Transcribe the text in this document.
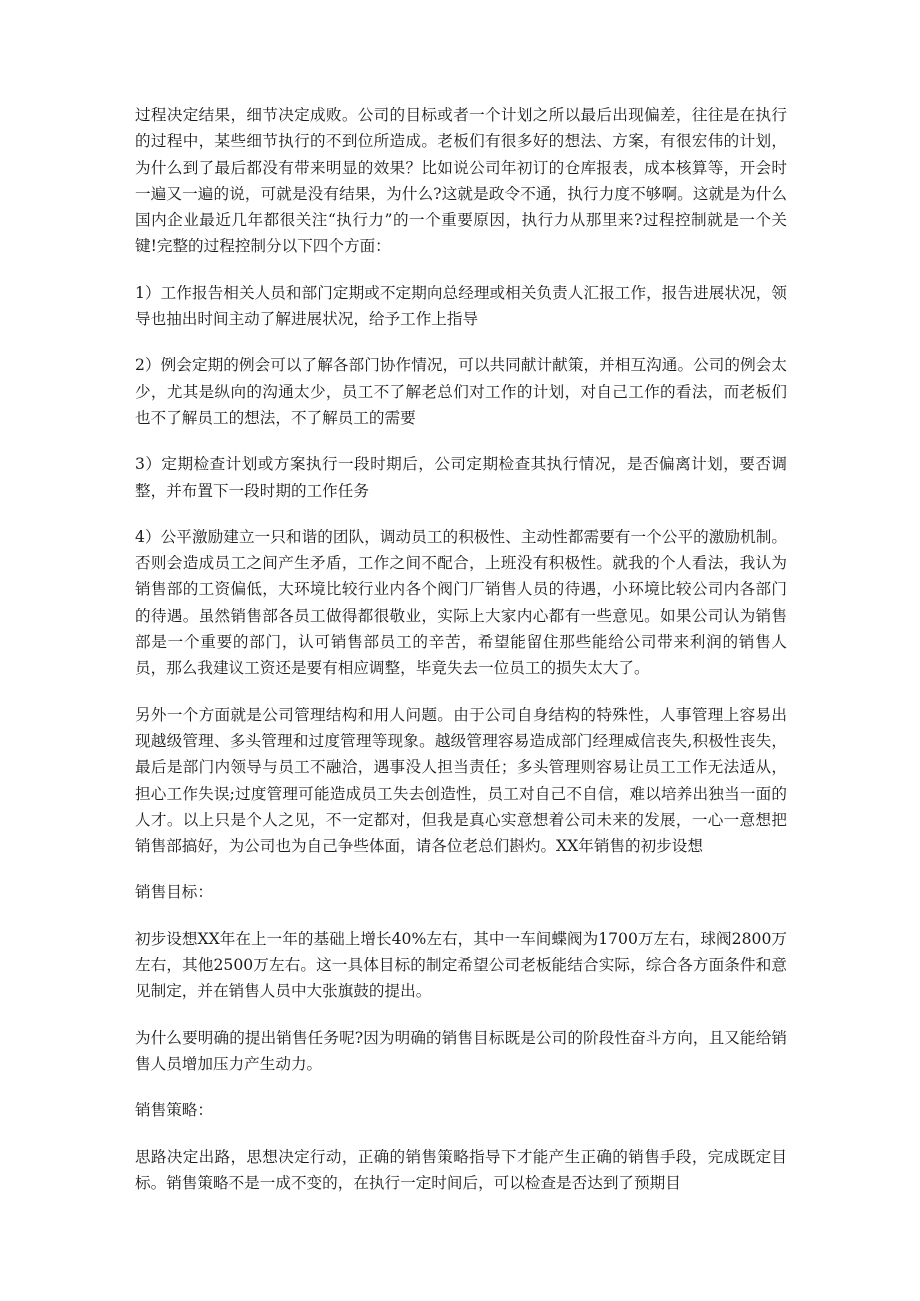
过程决定结果，细节决定成败。公司的目标或者一个计划之所以最后出现偏差，往往是在执行的过程中，某些细节执行的不到位所造成。老板们有很多好的想法、方案，有很宏伟的计划，为什么到了最后都没有带来明显的效果？比如说公司年初订的仓库报表，成本核算等，开会时一遍又一遍的说，可就是没有结果，为什么?这就是政令不通，执行力度不够啊。这就是为什么国内企业最近几年都很关注“执行力”的一个重要原因，执行力从那里来?过程控制就是一个关键!完整的过程控制分以下四个方面：

1）工作报告相关人员和部门定期或不定期向总经理或相关负责人汇报工作，报告进展状况，领导也抽出时间主动了解进展状况，给予工作上指导

2）例会定期的例会可以了解各部门协作情况，可以共同献计献策，并相互沟通。公司的例会太少，尤其是纵向的沟通太少，员工不了解老总们对工作的计划，对自己工作的看法，而老板们也不了解员工的想法，不了解员工的需要

3）定期检查计划或方案执行一段时期后，公司定期检查其执行情况，是否偏离计划，要否调整，并布置下一段时期的工作任务

4）公平激励建立一只和谐的团队，调动员工的积极性、主动性都需要有一个公平的激励机制。否则会造成员工之间产生矛盾，工作之间不配合，上班没有积极性。就我的个人看法，我认为销售部的工资偏低，大环境比较行业内各个阀门厂销售人员的待遇，小环境比较公司内各部门的待遇。虽然销售部各员工做得都很敬业，实际上大家内心都有一些意见。如果公司认为销售部是一个重要的部门，认可销售部员工的辛苦，希望能留住那些能给公司带来利润的销售人员，那么我建议工资还是要有相应调整，毕竟失去一位员工的损失太大了。

另外一个方面就是公司管理结构和用人问题。由于公司自身结构的特殊性，人事管理上容易出现越级管理、多头管理和过度管理等现象。越级管理容易造成部门经理威信丧失,积极性丧失，最后是部门内领导与员工不融洽，遇事没人担当责任；多头管理则容易让员工工作无法适从，担心工作失误;过度管理可能造成员工失去创造性，员工对自己不自信，难以培养出独当一面的人才。以上只是个人之见，不一定都对，但我是真心实意想着公司未来的发展，一心一意想把销售部搞好，为公司也为自己争些体面，请各位老总们斟灼。XX年销售的初步设想

销售目标：

初步设想XX年在上一年的基础上增长40%左右，其中一车间蝶阀为1700万左右，球阀2800万左右，其他2500万左右。这一具体目标的制定希望公司老板能结合实际，综合各方面条件和意见制定，并在销售人员中大张旗鼓的提出。

为什么要明确的提出销售任务呢?因为明确的销售目标既是公司的阶段性奋斗方向，且又能给销售人员增加压力产生动力。

销售策略：

思路决定出路，思想决定行动，正确的销售策略指导下才能产生正确的销售手段，完成既定目标。销售策略不是一成不变的，在执行一定时间后，可以检查是否达到了预期目
